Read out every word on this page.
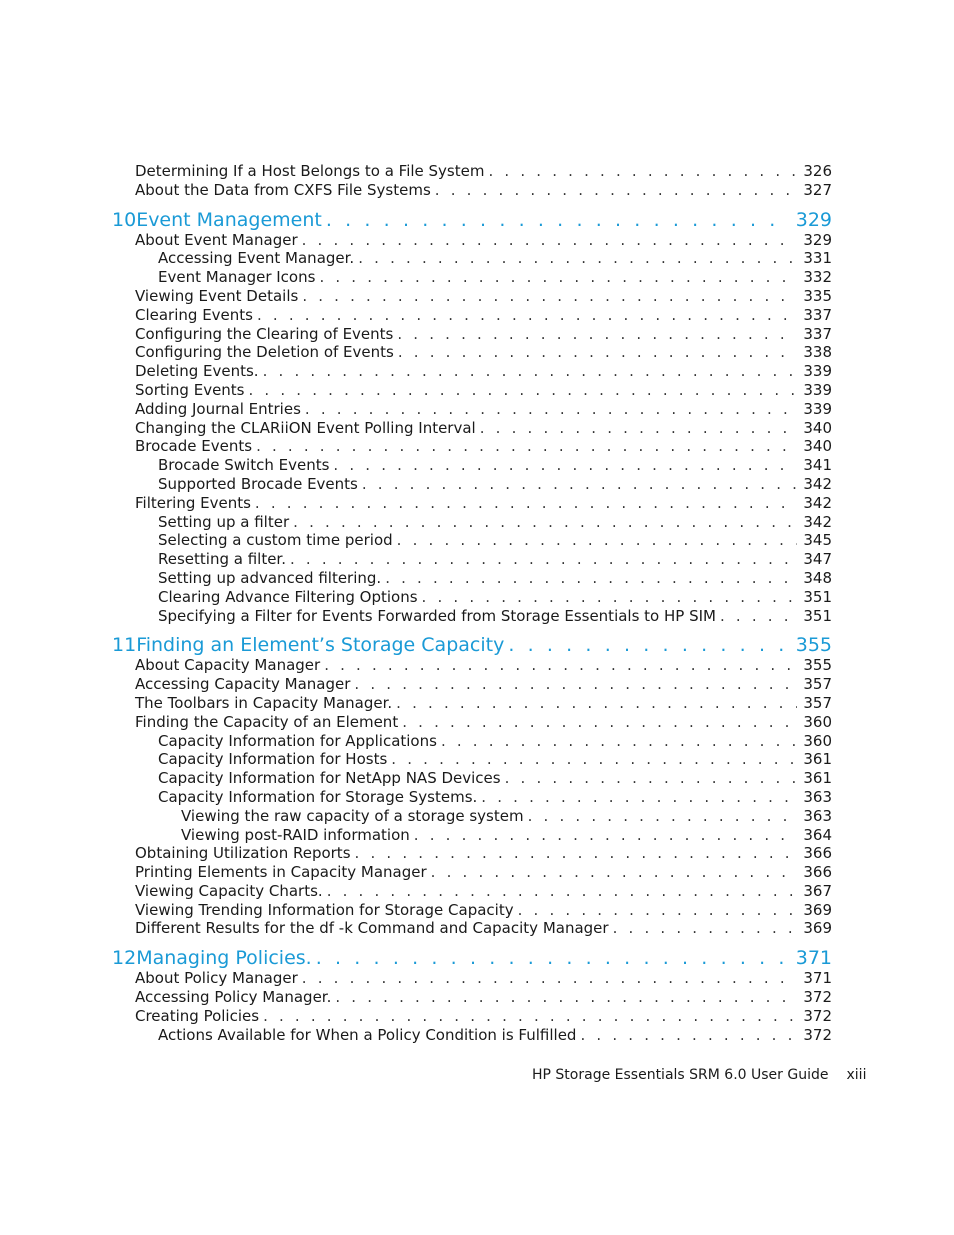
Determining If a Host Belongs to a File System . . .	326
About the Data from CXFS File Systems . . .	327
10Event Management . . .	329
About Event Manager . . .	329
Accessing Event Manager. . . .	331
Event Manager Icons . . .	332
Viewing Event Details . . .	335
Clearing Events . . .	337
Configuring the Clearing of Events . . .	337
Configuring the Deletion of Events . . .	338
Deleting Events. . . .	339
Sorting Events . . .	339
Adding Journal Entries . . .	339
Changing the CLARiiON Event Polling Interval . . .	340
Brocade Events . . .	340
Brocade Switch Events . . .	341
Supported Brocade Events . . .	342
Filtering Events . . .	342
Setting up a filter . . .	342
Selecting a custom time period . . .	345
Resetting a filter. . . .	347
Setting up advanced filtering. . . .	348
Clearing Advance Filtering Options . . .	351
Specifying a Filter for Events Forwarded from Storage Essentials to HP SIM . . .	351
11Finding an Element’s Storage Capacity . . .	355
About Capacity Manager . . .	355
Accessing Capacity Manager . . .	357
The Toolbars in Capacity Manager. . . .	357
Finding the Capacity of an Element . . .	360
Capacity Information for Applications . . .	360
Capacity Information for Hosts . . .	361
Capacity Information for NetApp NAS Devices . . .	361
Capacity Information for Storage Systems. . . .	363
Viewing the raw capacity of a storage system . . .	363
Viewing post-RAID information . . .	364
Obtaining Utilization Reports . . .	366
Printing Elements in Capacity Manager . . .	366
Viewing Capacity Charts. . . .	367
Viewing Trending Information for Storage Capacity . . .	369
Different Results for the df -k Command and Capacity Manager . . .	369
12Managing Policies. . . .	371
About Policy Manager . . .	371
Accessing Policy Manager. . . .	372
Creating Policies . . .	372
Actions Available for When a Policy Condition is Fulfilled . . .	372
HP Storage Essentials SRM 6.0 User Guide xiii
